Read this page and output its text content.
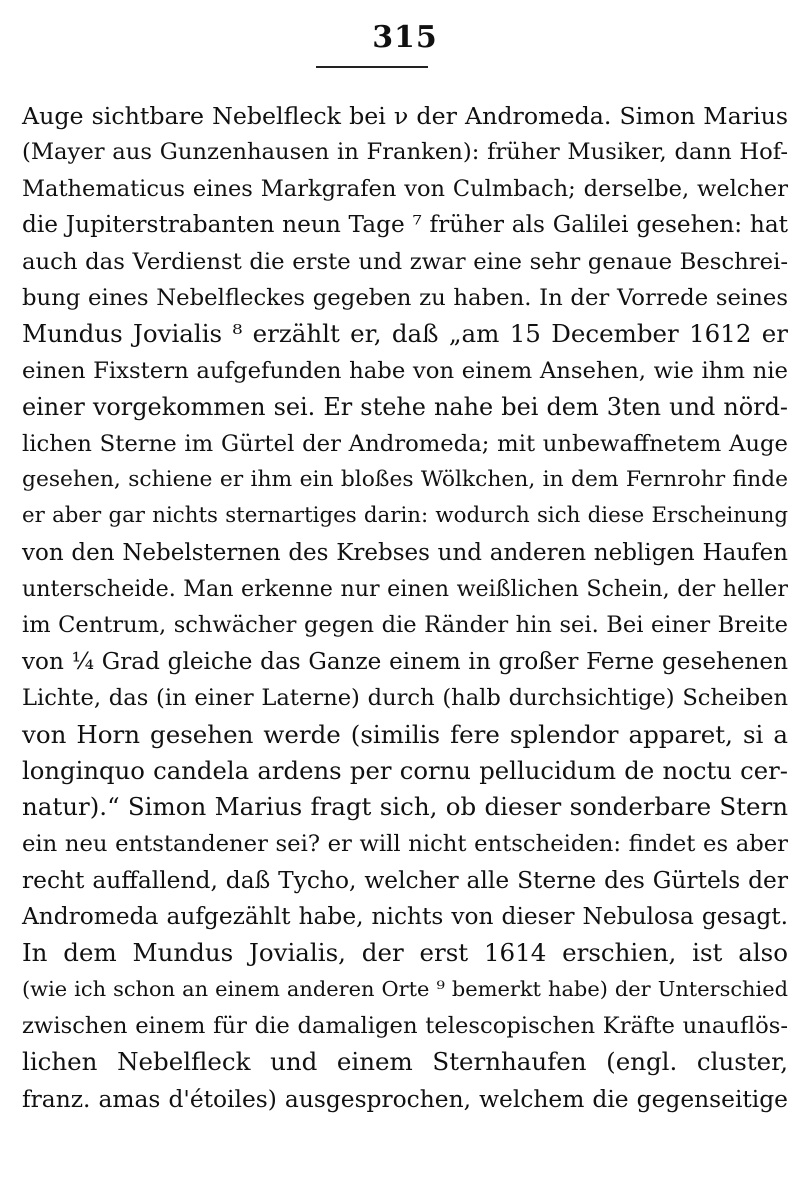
315
Auge sichtbare Nebelfleck bei ν der Andromeda. Simon Marius
(Mayer aus Gunzenhausen in Franken): früher Musiker, dann Hof-
Mathematicus eines Markgrafen von Culmbach; derselbe, welcher
die Jupiterstrabanten neun Tage ⁷ früher als Galilei gesehen: hat
auch das Verdienst die erste und zwar eine sehr genaue Beschrei-
bung eines Nebelfleckes gegeben zu haben. In der Vorrede seines
Mundus Jovialis ⁸ erzählt er, daß „am 15 December 1612 er
einen Fixstern aufgefunden habe von einem Ansehen, wie ihm nie
einer vorgekommen sei. Er stehe nahe bei dem 3ten und nörd-
lichen Sterne im Gürtel der Andromeda; mit unbewaffnetem Auge
gesehen, schiene er ihm ein bloßes Wölkchen, in dem Fernrohr finde
er aber gar nichts sternartiges darin: wodurch sich diese Erscheinung
von den Nebelsternen des Krebses und anderen nebligen Haufen
unterscheide. Man erkenne nur einen weißlichen Schein, der heller
im Centrum, schwächer gegen die Ränder hin sei. Bei einer Breite
von ¼ Grad gleiche das Ganze einem in großer Ferne gesehenen
Lichte, das (in einer Laterne) durch (halb durchsichtige) Scheiben
von Horn gesehen werde (similis fere splendor apparet, si a
longinquo candela ardens per cornu pellucidum de noctu cer-
natur).“ Simon Marius fragt sich, ob dieser sonderbare Stern
ein neu entstandener sei? er will nicht entscheiden: findet es aber
recht auffallend, daß Tycho, welcher alle Sterne des Gürtels der
Andromeda aufgezählt habe, nichts von dieser Nebulosa gesagt.
In dem Mundus Jovialis, der erst 1614 erschien, ist also
(wie ich schon an einem anderen Orte ⁹ bemerkt habe) der Unterschied
zwischen einem für die damaligen telescopischen Kräfte unauflös-
lichen Nebelfleck und einem Sternhaufen (engl. cluster,
franz. amas d'étoiles) ausgesprochen, welchem die gegenseitige
